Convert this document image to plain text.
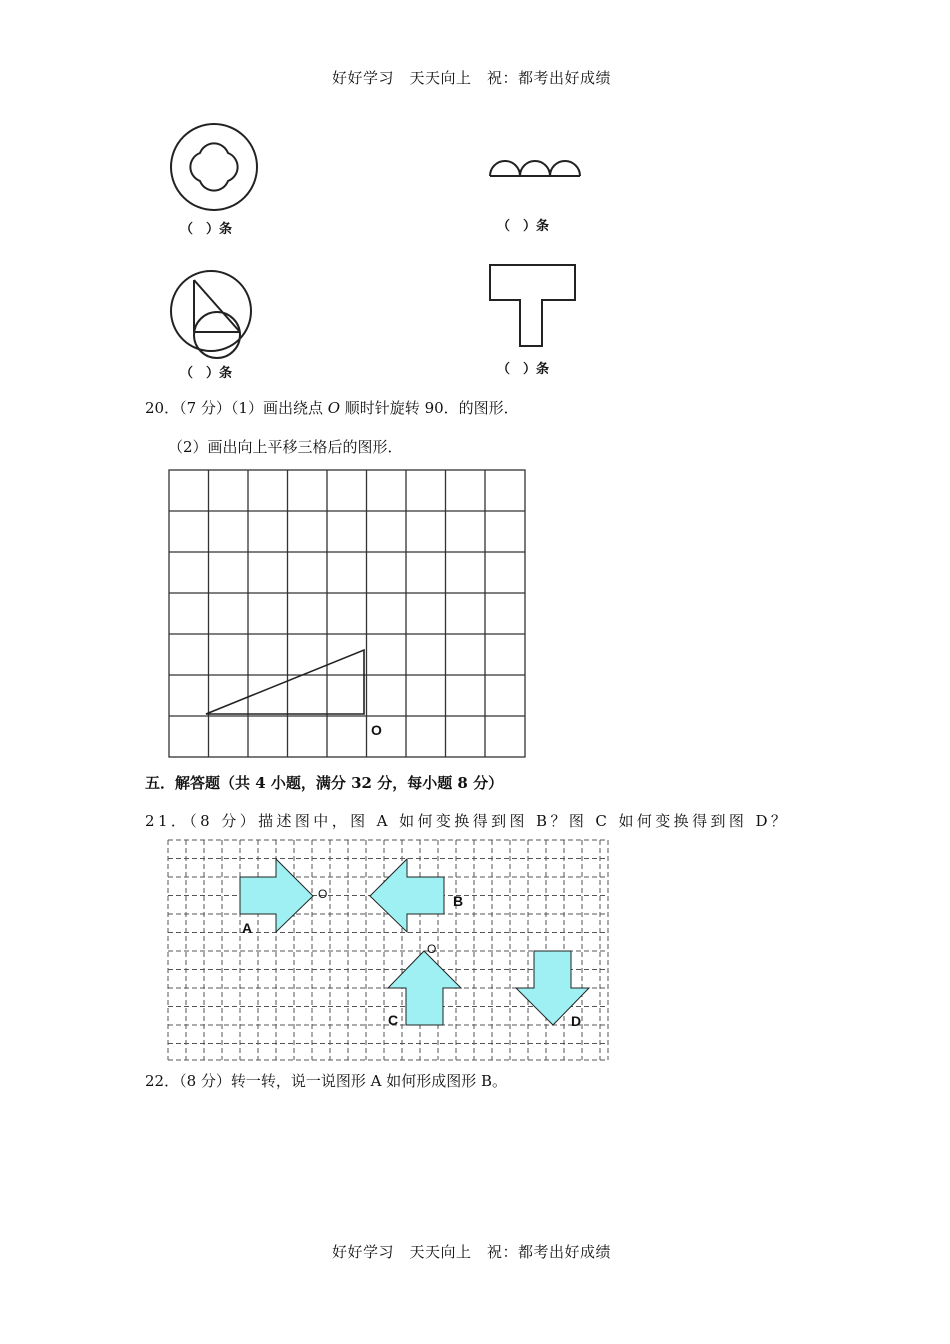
好好学习　天天向上　祝：都考出好成绩
（　）条	（　）条
（　）条	（　）条
20．（7 分）（1）画出绕点 O 顺时针旋转 90．的图形．
（2）画出向上平移三格后的图形．
O
五．解答题（共 4 小题，满分 32 分，每小题 8 分）
21．（8 分）描述图中，图 A 如何变换得到图 B？图 C 如何变换得到图 D？
A
B
C	D
O
O
22．（8 分）转一转，说一说图形 A 如何形成图形 B。
好好学习　天天向上　祝：都考出好成绩
